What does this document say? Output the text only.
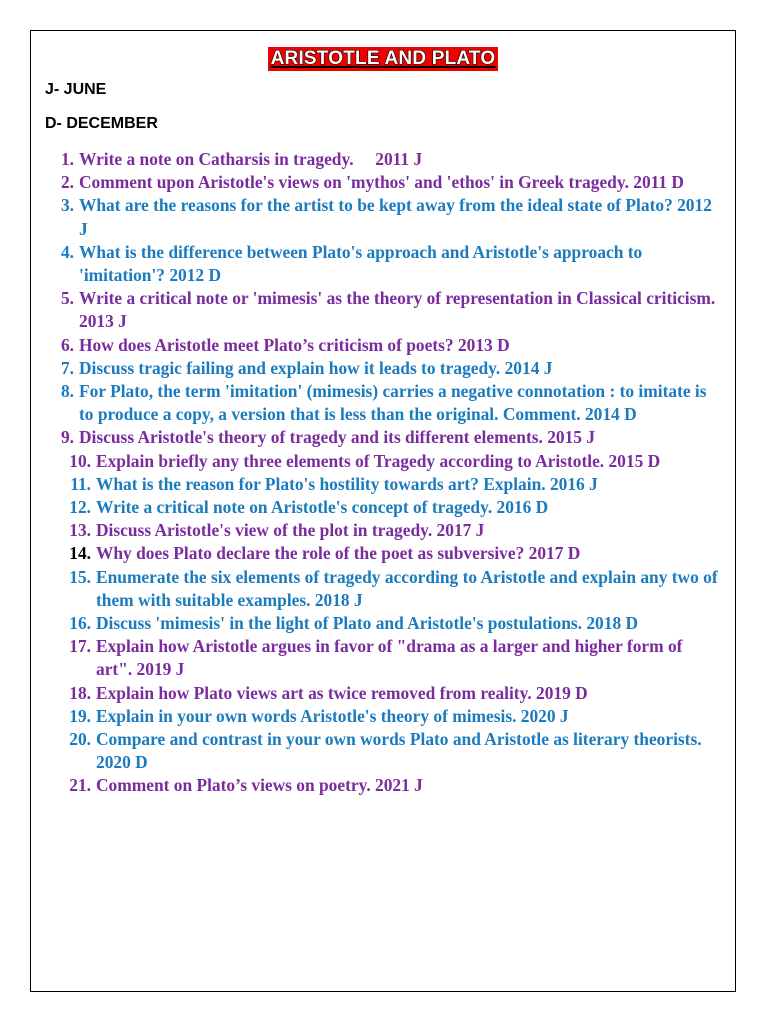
ARISTOTLE AND PLATO
J- JUNE
D- DECEMBER
1. Write a note on Catharsis in tragedy.     2011 J
2. Comment upon Aristotle's views on 'mythos' and 'ethos' in Greek tragedy. 2011 D
3. What are the reasons for the artist to be kept away from the ideal state of Plato? 2012 J
4. What is the difference between Plato's approach and Aristotle's approach to 'imitation'? 2012 D
5. Write a critical note or 'mimesis' as the theory of representation in Classical criticism. 2013 J
6. How does Aristotle meet Plato’s criticism of poets? 2013 D
7. Discuss tragic failing and explain how it leads to tragedy. 2014 J
8. For Plato, the term 'imitation' (mimesis) carries a negative connotation : to imitate is to produce a copy, a version that is less than the original. Comment. 2014 D
9. Discuss Aristotle's theory of tragedy and its different elements. 2015 J
10. Explain briefly any three elements of Tragedy according to Aristotle. 2015 D
11. What is the reason for Plato's hostility towards art? Explain. 2016 J
12. Write a critical note on Aristotle's concept of tragedy. 2016 D
13. Discuss Aristotle's view of the plot in tragedy. 2017 J
14. Why does Plato declare the role of the poet as subversive? 2017 D
15. Enumerate the six elements of tragedy according to Aristotle and explain any two of them with suitable examples. 2018 J
16. Discuss 'mimesis' in the light of Plato and Aristotle's postulations. 2018 D
17. Explain how Aristotle argues in favor of "drama as a larger and higher form of art". 2019 J
18. Explain how Plato views art as twice removed from reality. 2019 D
19. Explain in your own words Aristotle's theory of mimesis. 2020 J
20. Compare and contrast in your own words Plato and Aristotle as literary theorists.  2020 D
21. Comment on Plato’s views on poetry. 2021 J
